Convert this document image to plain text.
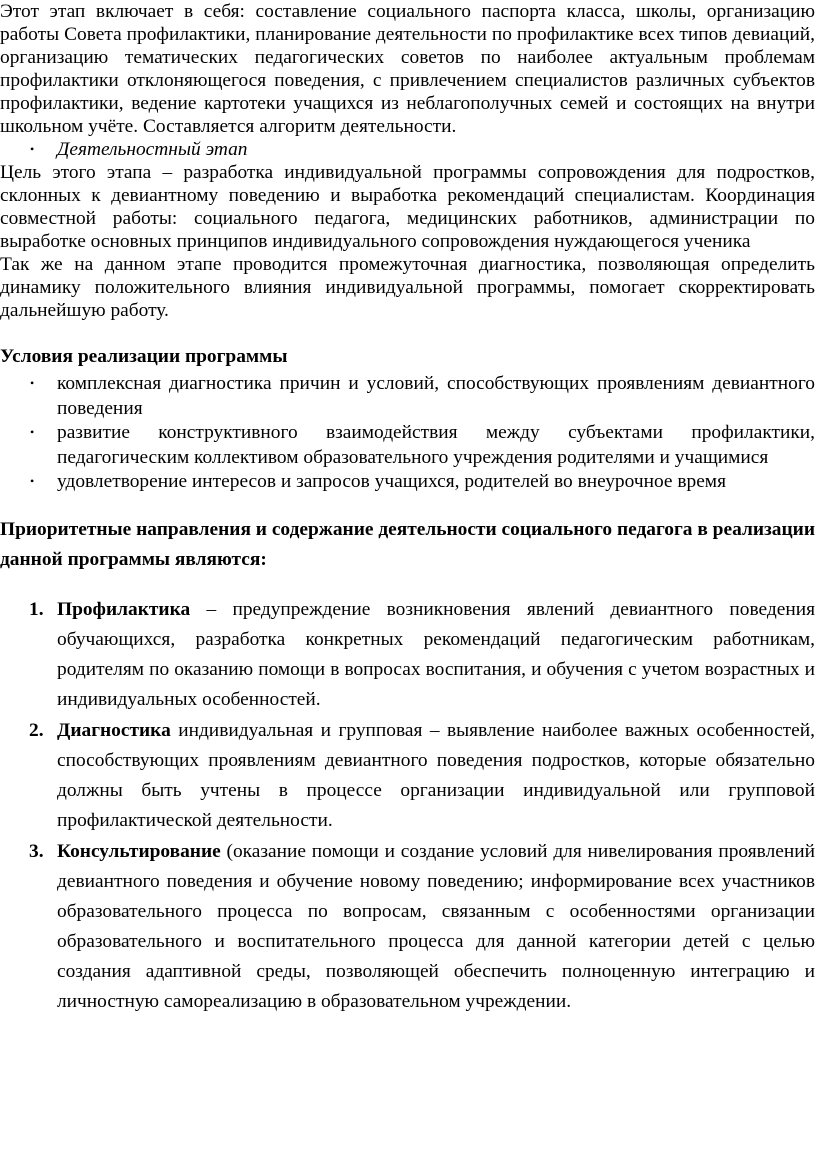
Этот этап включает в себя: составление социального паспорта класса, школы, организацию работы Совета профилактики, планирование деятельности по профилактике всех типов девиаций, организацию тематических педагогических советов по наиболее актуальным проблемам профилактики отклоняющегося поведения, с привлечением специалистов различных субъектов профилактики, ведение картотеки учащихся из неблагополучных семей и состоящих на внутри школьном учёте. Составляется алгоритм деятельности.

•	Деятельностный этап

Цель этого этапа – разработка индивидуальной программы сопровождения для подростков, склонных к девиантному поведению и выработка рекомендаций специалистам. Координация совместной работы: социального педагога, медицинских работников, администрации по выработке основных принципов индивидуального сопровождения нуждающегося ученика

Так же на данном этапе проводится промежуточная диагностика, позволяющая определить динамику положительного влияния индивидуальной программы, помогает скорректировать дальнейшую работу.

Условия реализации программы

•	комплексная диагностика причин и условий, способствующих проявлениям девиантного поведения
•	развитие конструктивного взаимодействия между субъектами профилактики, педагогическим коллективом образовательного учреждения родителями и учащимися
•	удовлетворение интересов и запросов учащихся, родителей во внеурочное время

Приоритетные направления и содержание деятельности социального педагога в реализации данной программы являются:

1. Профилактика – предупреждение возникновения явлений девиантного поведения обучающихся, разработка конкретных рекомендаций педагогическим работникам, родителям по оказанию помощи в вопросах воспитания, и обучения с учетом возрастных и индивидуальных особенностей.
2. Диагностика индивидуальная и групповая – выявление наиболее важных особенностей, способствующих проявлениям девиантного поведения подростков, которые обязательно должны быть учтены в процессе организации индивидуальной или групповой профилактической деятельности.
3. Консультирование (оказание помощи и создание условий для нивелирования проявлений девиантного поведения и обучение новому поведению; информирование всех участников образовательного процесса по вопросам, связанным с особенностями организации образовательного и воспитательного процесса для данной категории детей с целью создания адаптивной среды, позволяющей обеспечить полноценную интеграцию и личностную самореализацию в образовательном учреждении.
